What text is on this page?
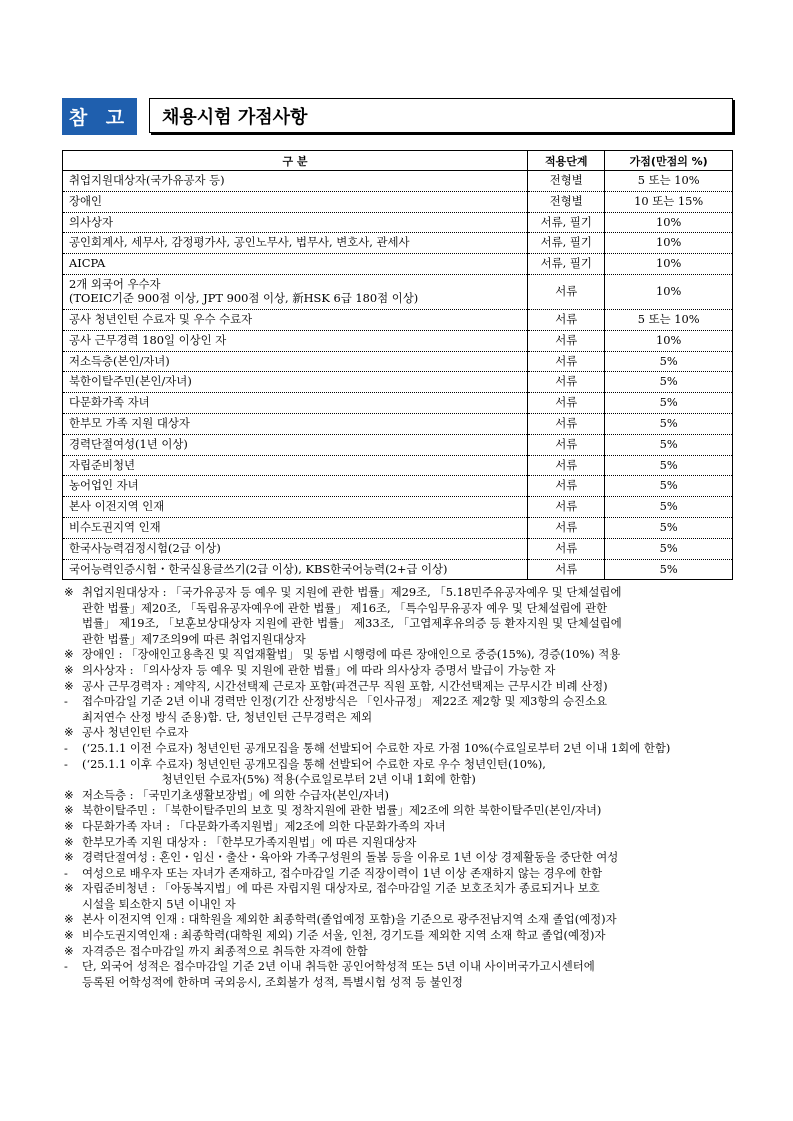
참 고	채용시험 가점사항
구 분	적용단계	가점(만점의 %)
취업지원대상자(국가유공자 등)	전형별	5 또는 10%
장애인	전형별	10 또는 15%
의사상자	서류, 필기	10%
공인회계사, 세무사, 감정평가사, 공인노무사, 법무사, 변호사, 관세사	서류, 필기	10%
AICPA	서류, 필기	10%

2개 외국어 우수자
(TOEIC기준 900점 이상, JPT 900점 이상, 新HSK 6급 180점 이상)	서류	10%
공사 청년인턴 수료자 및 우수 수료자	서류	5 또는 10%
공사 근무경력 180일 이상인 자	서류	10%
저소득층(본인/자녀)	서류	5%
북한이탈주민(본인/자녀)	서류	5%
다문화가족 자녀	서류	5%
한부모 가족 지원 대상자	서류	5%
경력단절여성(1년 이상)	서류	5%
자립준비청년	서류	5%
농어업인 자녀	서류	5%
본사 이전지역 인재	서류	5%
비수도권지역 인재	서류	5%
한국사능력검정시험(2급 이상)	서류	5%
국어능력인증시험・한국실용글쓰기(2급 이상), KBS한국어능력(2+급 이상)	서류	5%
※ 취업지원대상자 : 「국가유공자 등 예우 및 지원에 관한 법률」제29조, 「5.18민주유공자예우 및 단체설립에
관한 법률」제20조, 「독립유공자예우에 관한 법률」 제16조, 「특수임무유공자 예우 및 단체설립에 관한
법률」 제19조, 「보훈보상대상자 지원에 관한 법률」 제33조, 「고엽제후유의증 등 환자지원 및 단체설립에
관한 법률」제7조의9에 따른 취업지원대상자
※ 장애인 : 「장애인고용촉진 및 직업재활법」 및 동법 시행령에 따른 장애인으로 중증(15%), 경증(10%) 적용
※ 의사상자 : 「의사상자 등 예우 및 지원에 관한 법률」에 따라 의사상자 증명서 발급이 가능한 자
※ 공사 근무경력자 : 계약직, 시간선택제 근로자 포함(파견근무 직원 포함, 시간선택제는 근무시간 비례 산정)
-	접수마감일 기준 2년 이내 경력만 인정(기간 산정방식은 「인사규정」 제22조 제2항 및 제3항의 승진소요
최저연수 산정 방식 준용)함. 단, 청년인턴 근무경력은 제외
※ 공사 청년인턴 수료자
-	(‘25.1.1 이전 수료자) 청년인턴 공개모집을 통해 선발되어 수료한 자로 가점 10%(수료일로부터 2년 이내 1회에 한함)
-	(‘25.1.1 이후 수료자) 청년인턴 공개모집을 통해 선발되어 수료한 자로 우수 청년인턴(10%),
청년인턴 수료자(5%) 적용(수료일로부터 2년 이내 1회에 한함)
※ 저소득층 : 「국민기초생활보장법」에 의한 수급자(본인/자녀)
※ 북한이탈주민 : 「북한이탈주민의 보호 및 정착지원에 관한 법률」제2조에 의한 북한이탈주민(본인/자녀)
※ 다문화가족 자녀 : 「다문화가족지원법」제2조에 의한 다문화가족의 자녀
※ 한부모가족 지원 대상자 : 「한부모가족지원법」에 따른 지원대상자
※ 경력단절여성 : 혼인・임신・출산・육아와 가족구성원의 돌봄 등을 이유로 1년 이상 경제활동을 중단한 여성
-	여성으로 배우자 또는 자녀가 존재하고, 접수마감일 기준 직장이력이 1년 이상 존재하지 않는 경우에 한함
※ 자립준비청년 : 「아동복지법」에 따른 자립지원 대상자로, 접수마감일 기준 보호조치가 종료되거나 보호
시설을 퇴소한지 5년 이내인 자
※ 본사 이전지역 인재 : 대학원을 제외한 최종학력(졸업예정 포함)을 기준으로 광주전남지역 소재 졸업(예정)자
※ 비수도권지역인재 : 최종학력(대학원 제외) 기준 서울, 인천, 경기도를 제외한 지역 소재 학교 졸업(예정)자
※ 자격증은 접수마감일 까지 최종적으로 취득한 자격에 한함
-	단, 외국어 성적은 접수마감일 기준 2년 이내 취득한 공인어학성적 또는 5년 이내 사이버국가고시센터에
등록된 어학성적에 한하며 국외응시, 조회불가 성적, 특별시험 성적 등 불인정
